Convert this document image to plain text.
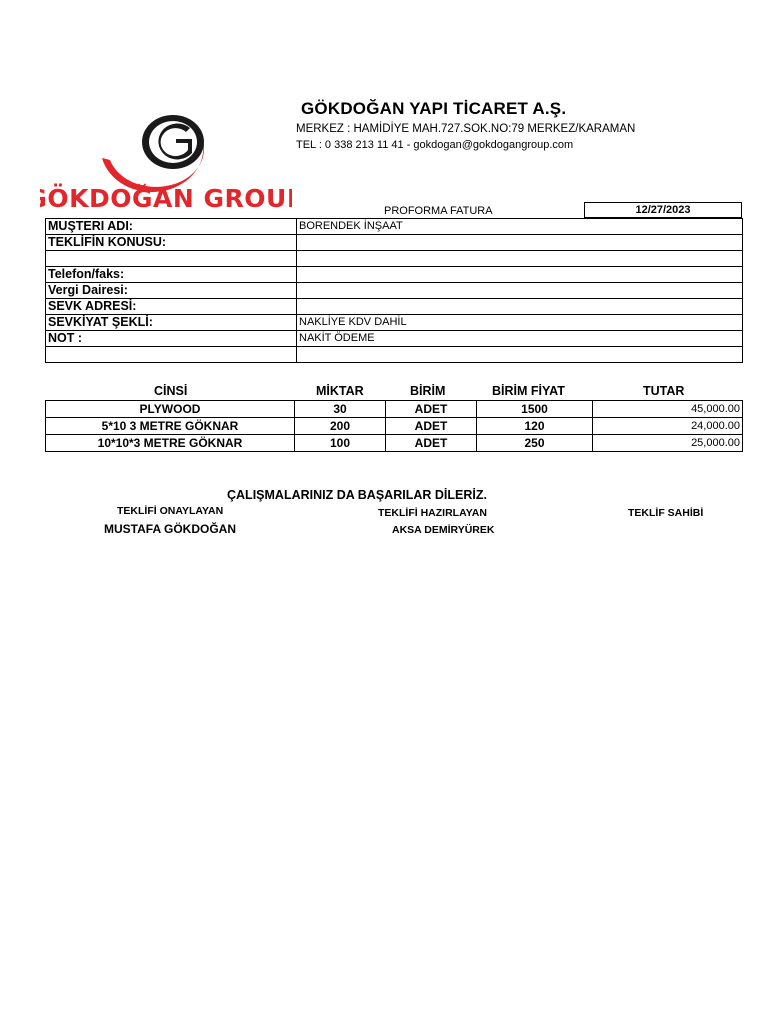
GÖKDOĞAN GROUP
GÖKDOĞAN YAPI TİCARET A.Ş.
MERKEZ : HAMİDİYE MAH.727.SOK.NO:79 MERKEZ/KARAMAN
TEL : 0 338 213 11 41 - gokdogan@gokdogangroup.com
PROFORMA FATURA	12/27/2023
MUŞTERI ADI:	BORENDEK İNŞAAT
TEKLİFİN KONUSU:	

Telefon/faks:	
Vergi Dairesi:	
SEVK ADRESİ:	
SEVKİYAT ŞEKLİ:	NAKLİYE KDV DAHİL
NOT :	NAKİT ÖDEME

CİNSİ	MİKTAR	BİRİM	BİRİM FİYAT	TUTAR
PLYWOOD	30	ADET	1500	45,000.00
5*10 3 METRE GÖKNAR	200	ADET	120	24,000.00
10*10*3 METRE GÖKNAR	100	ADET	250	25,000.00
ÇALIŞMALARINIZ DA BAŞARILAR DİLERİZ.
TEKLİFİ ONAYLAYAN
MUSTAFA GÖKDOĞAN
TEKLİFİ HAZIRLAYAN
AKSA DEMİRYÜREK
TEKLİF SAHİBİ
